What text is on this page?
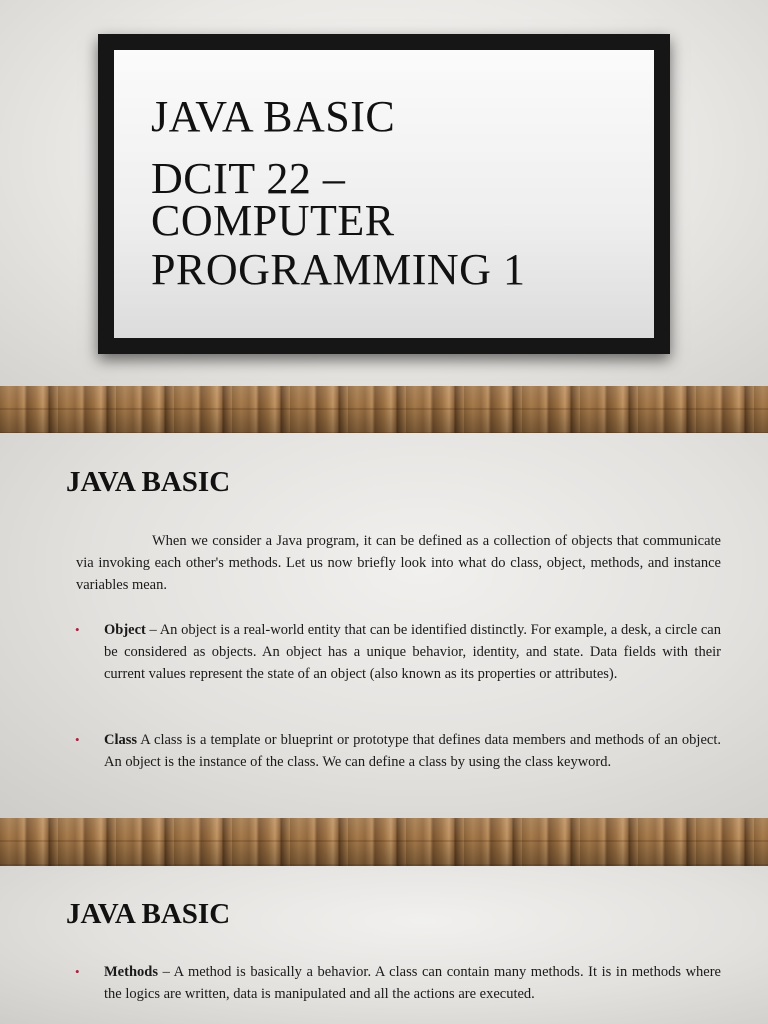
JAVA BASIC
DCIT 22 –
COMPUTER
PROGRAMMING 1
JAVA BASIC

When we consider a Java program, it can be defined as a collection of objects that communicate via invoking each other's methods. Let us now briefly look into what do class, object, methods, and instance variables mean.

• Object – An object is a real-world entity that can be identified distinctly. For example, a desk, a circle can be considered as objects. An object has a unique behavior, identity, and state. Data fields with their current values represent the state of an object (also known as its properties or attributes).

• Class A class is a template or blueprint or prototype that defines data members and methods of an object. An object is the instance of the class. We can define a class by using the class keyword.

JAVA BASIC

• Methods – A method is basically a behavior. A class can contain many methods. It is in methods where the logics are written, data is manipulated and all the actions are executed.
